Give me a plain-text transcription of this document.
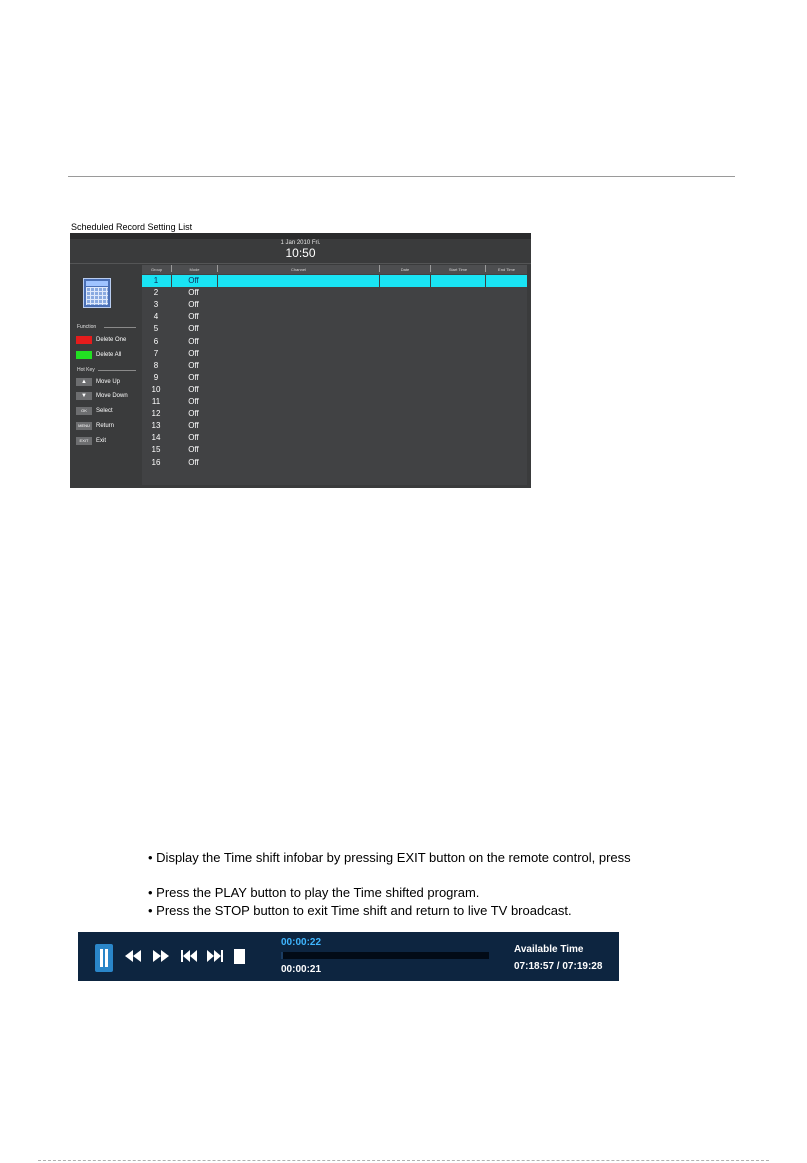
Scheduled Record Setting List
1 Jan 2010 Fri.
10:50
Function
Delete One
Delete All
Hot Key
▲	Move Up
▼	Move Down
OK	Select
MENU	Return
EXIT	Exit
Group	Mode	Channel	Date	Start Time	End Time
1	Off
2	Off
3	Off
4	Off
5	Off
6	Off
7	Off
8	Off
9	Off
10	Off
11	Off
12	Off
13	Off
14	Off
15	Off
16	Off
• Display the Time shift infobar by pressing EXIT button on the remote control, press
• Press the PLAY button to play the Time shifted program.
• Press the STOP button to exit Time shift and return to live TV broadcast.
00:00:22
00:00:21
Available Time
07:18:57 / 07:19:28
